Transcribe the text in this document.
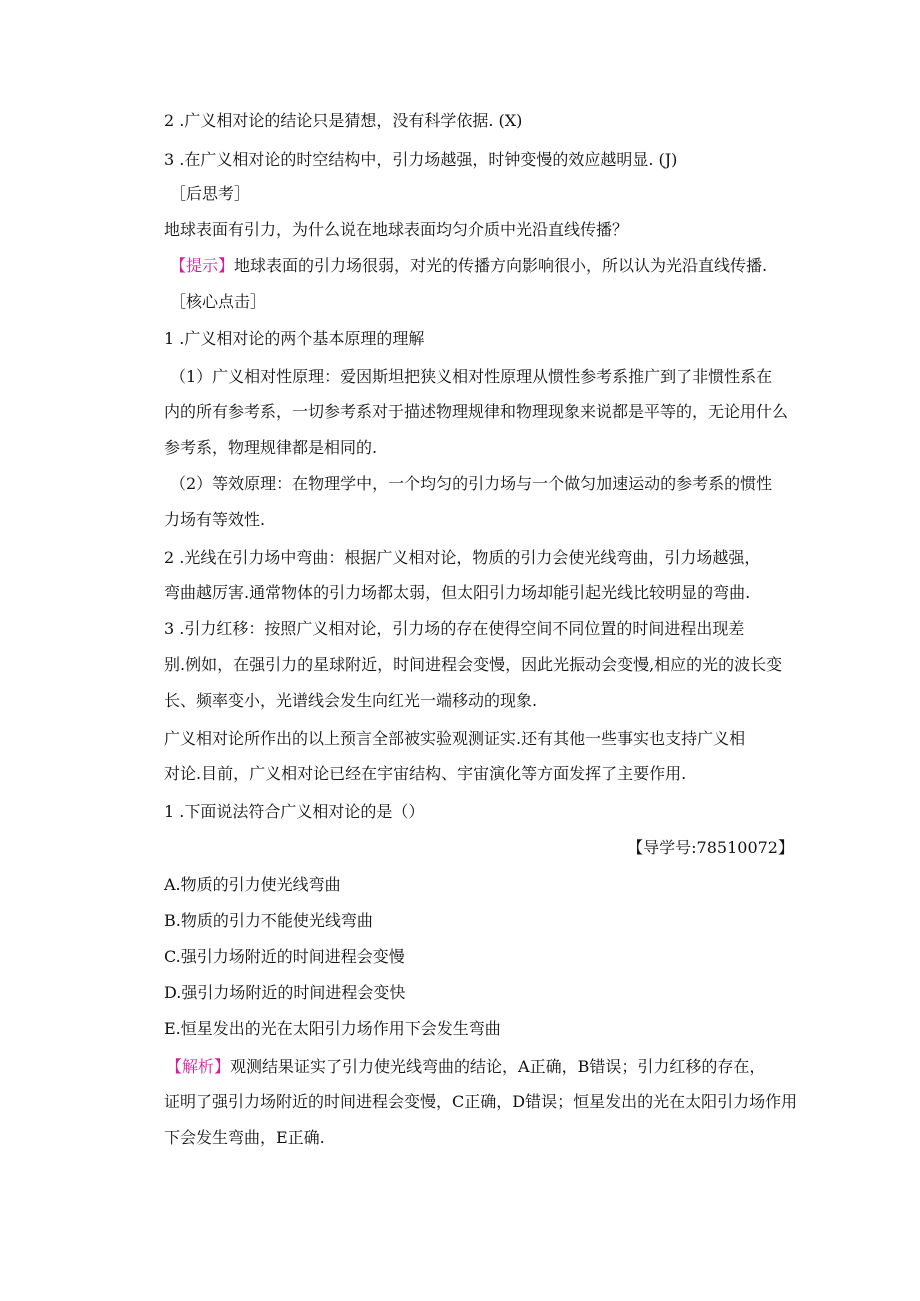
2 .广义相对论的结论只是猜想，没有科学依据. (X)
3 .在广义相对论的时空结构中，引力场越强，时钟变慢的效应越明显. (J)
［后思考］
地球表面有引力，为什么说在地球表面均匀介质中光沿直线传播？
【提示】地球表面的引力场很弱，对光的传播方向影响很小，所以认为光沿直线传播.
［核心点击］
1 .广义相对论的两个基本原理的理解
（1）广义相对性原理：爱因斯坦把狭义相对性原理从惯性参考系推广到了非惯性系在
内的所有参考系，一切参考系对于描述物理规律和物理现象来说都是平等的，无论用什么
参考系，物理规律都是相同的.
（2）等效原理：在物理学中，一个均匀的引力场与一个做匀加速运动的参考系的惯性
力场有等效性.
2 .光线在引力场中弯曲：根据广义相对论，物质的引力会使光线弯曲，引力场越强，
弯曲越厉害.通常物体的引力场都太弱，但太阳引力场却能引起光线比较明显的弯曲.
3 .引力红移：按照广义相对论，引力场的存在使得空间不同位置的时间进程出现差
别.例如，在强引力的星球附近，时间进程会变慢，因此光振动会变慢,相应的光的波长变
长、频率变小，光谱线会发生向红光一端移动的现象.
广义相对论所作出的以上预言全部被实验观测证实.还有其他一些事实也支持广义相
对论.目前，广义相对论已经在宇宙结构、宇宙演化等方面发挥了主要作用.
1 .下面说法符合广义相对论的是（）
【导学号:78510072】
A.物质的引力使光线弯曲
B.物质的引力不能使光线弯曲
C.强引力场附近的时间进程会变慢
D.强引力场附近的时间进程会变快
E.恒星发出的光在太阳引力场作用下会发生弯曲
【解析】观测结果证实了引力使光线弯曲的结论，A正确，B错误；引力红移的存在，
证明了强引力场附近的时间进程会变慢，C正确，D错误；恒星发出的光在太阳引力场作用
下会发生弯曲，E正确.
